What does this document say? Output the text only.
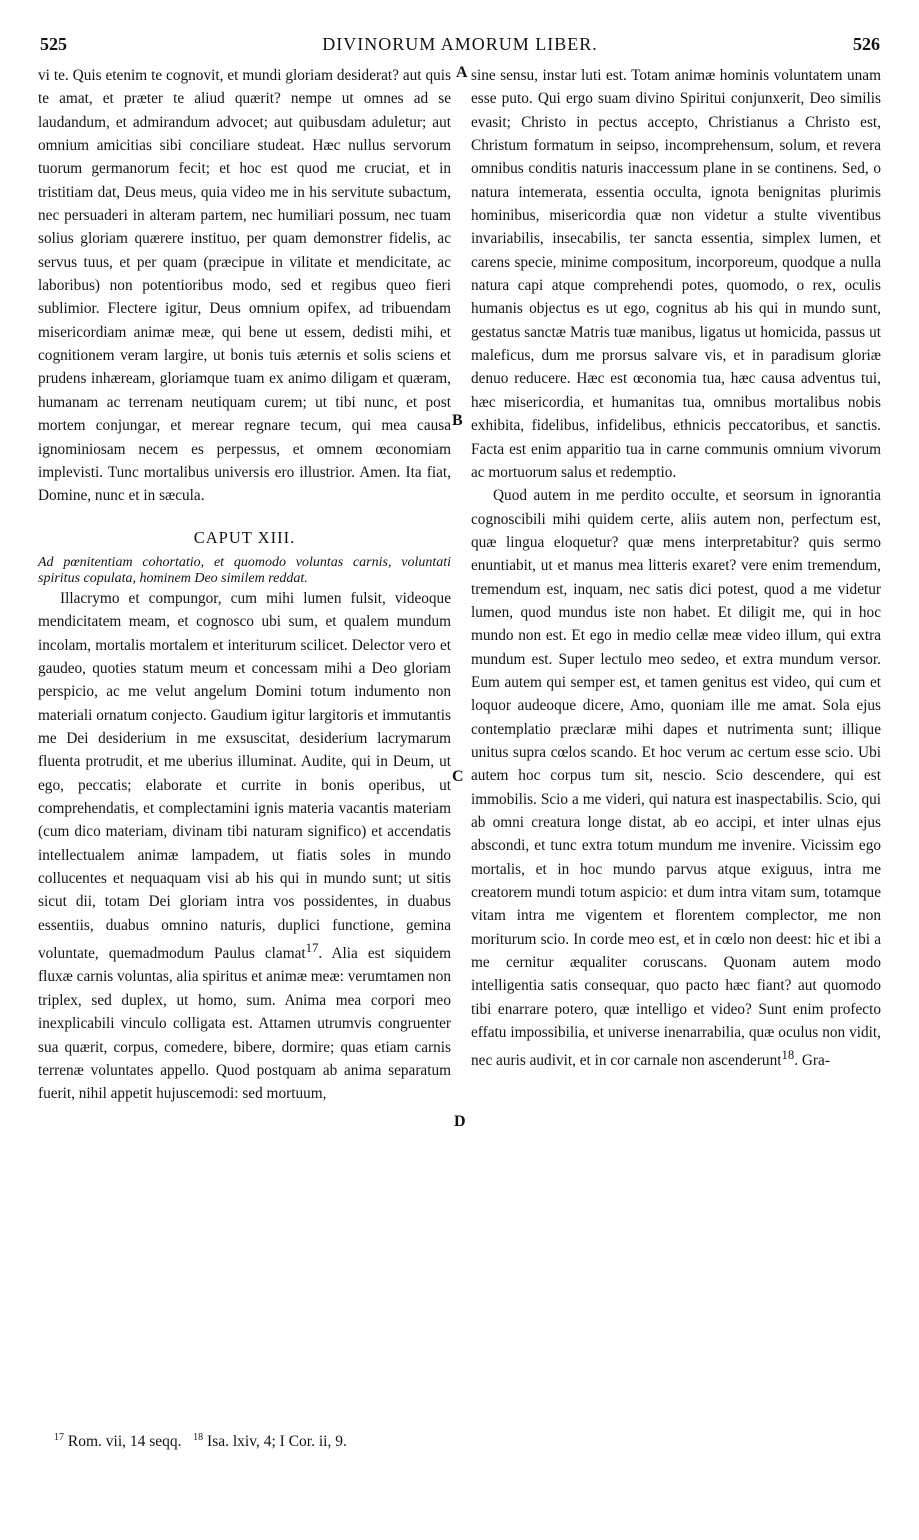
525	DIVINORUM AMORUM LIBER.	526
A
B
C
D

vi te. Quis etenim te cognovit, et mundi gloriam desiderat? aut quis te amat, et præter te aliud quærit? nempe ut omnes ad se laudandum, et admirandum advocet; aut quibusdam aduletur; aut omnium amicitias sibi conciliare studeat. Hæc nullus servorum tuorum germanorum fecit; et hoc est quod me cruciat, et in tristitiam dat, Deus meus, quia video me in his servitute subactum, nec persuaderi in alteram partem, nec humiliari possum, nec tuam solius gloriam quærere instituo, per quam demonstrer fidelis, ac servus tuus, et per quam (præcipue in vilitate et mendicitate, ac laboribus) non potentioribus modo, sed et regibus queo fieri sublimior. Flectere igitur, Deus omnium opifex, ad tribuendam misericordiam animæ meæ, qui bene ut essem, dedisti mihi, et cognitionem veram largire, ut bonis tuis æternis et solis sciens et prudens inhæream, gloriamque tuam ex animo diligam et quæram, humanam ac terrenam neutiquam curem; ut tibi nunc, et post mortem conjungar, et merear regnare tecum, qui mea causa ignominiosam necem es perpessus, et omnem œconomiam implevisti. Tunc mortalibus universis ero illustrior. Amen. Ita fiat, Domine, nunc et in sæcula.

CAPUT XIII.

Ad pœnitentiam cohortatio, et quomodo voluntas carnis, voluntati spiritus copulata, hominem Deo similem reddat.

Illacrymo et compungor, cum mihi lumen fulsit, videoque mendicitatem meam, et cognosco ubi sum, et qualem mundum incolam, mortalis mortalem et interiturum scilicet. Delector vero et gaudeo, quoties statum meum et concessam mihi a Deo gloriam perspicio, ac me velut angelum Domini totum indumento non materiali ornatum conjecto. Gaudium igitur largitoris et immutantis me Dei desiderium in me exsuscitat, desiderium lacrymarum fluenta protrudit, et me uberius illuminat. Audite, qui in Deum, ut ego, peccatis; elaborate et currite in bonis operibus, ut comprehendatis, et complectamini ignis materia vacantis materiam (cum dico materiam, divinam tibi naturam significo) et accendatis intellectualem animæ lampadem, ut fiatis soles in mundo collucentes et nequaquam visi ab his qui in mundo sunt; ut sitis sicut dii, totam Dei gloriam intra vos possidentes, in duabus essentiis, duabus omnino naturis, duplici functione, gemina voluntate, quemadmodum Paulus clamat$^{17}$. Alia est siquidem fluxæ carnis voluntas, alia spiritus et animæ meæ: verumtamen non triplex, sed duplex, ut homo, sum. Anima mea corpori meo inexplicabili vinculo colligata est. Attamen utrumvis congruenter sua quærit, corpus, comedere, bibere, dormire; quas etiam carnis terrenæ voluntates appello. Quod postquam ab anima separatum fuerit, nihil appetit hujuscemodi: sed mortuum,

sine sensu, instar luti est. Totam animæ hominis voluntatem unam esse puto. Qui ergo suam divino Spiritui conjunxerit, Deo similis evasit; Christo in pectus accepto, Christianus a Christo est, Christum formatum in seipso, incomprehensum, solum, et revera omnibus conditis naturis inaccessum plane in se continens. Sed, o natura intemerata, essentia occulta, ignota benignitas plurimis hominibus, misericordia quæ non videtur a stulte viventibus invariabilis, insecabilis, ter sancta essentia, simplex lumen, et carens specie, minime compositum, incorporeum, quodque a nulla natura capi atque comprehendi potes, quomodo, o rex, oculis humanis objectus es ut ego, cognitus ab his qui in mundo sunt, gestatus sanctæ Matris tuæ manibus, ligatus ut homicida, passus ut maleficus, dum me prorsus salvare vis, et in paradisum gloriæ denuo reducere. Hæc est œconomia tua, hæc causa adventus tui, hæc misericordia, et humanitas tua, omnibus mortalibus nobis exhibita, fidelibus, infidelibus, ethnicis peccatoribus, et sanctis. Facta est enim apparitio tua in carne communis omnium vivorum ac mortuorum salus et redemptio.

Quod autem in me perdito occulte, et seorsum in ignorantia cognoscibili mihi quidem certe, aliis autem non, perfectum est, quæ lingua eloquetur? quæ mens interpretabitur? quis sermo enuntiabit, ut et manus mea litteris exaret? vere enim tremendum, tremendum est, inquam, nec satis dici potest, quod a me videtur lumen, quod mundus iste non habet. Et diligit me, qui in hoc mundo non est. Et ego in medio cellæ meæ video illum, qui extra mundum est. Super lectulo meo sedeo, et extra mundum versor. Eum autem qui semper est, et tamen genitus est video, qui cum et loquor audeoque dicere, Amo, quoniam ille me amat. Sola ejus contemplatio præclaræ mihi dapes et nutrimenta sunt; illique unitus supra cœlos scando. Et hoc verum ac certum esse scio. Ubi autem hoc corpus tum sit, nescio. Scio descendere, qui est immobilis. Scio a me videri, qui natura est inaspectabilis. Scio, qui ab omni creatura longe distat, ab eo accipi, et inter ulnas ejus abscondi, et tunc extra totum mundum me invenire. Vicissim ego mortalis, et in hoc mundo parvus atque exiguus, intra me creatorem mundi totum aspicio: et dum intra vitam sum, totamque vitam intra me vigentem et florentem complector, me non moriturum scio. In corde meo est, et in cœlo non deest: hic et ibi a me cernitur æqualiter coruscans. Quonam autem modo intelligentia satis consequar, quo pacto hæc fiant? aut quomodo tibi enarrare potero, quæ intelligo et video? Sunt enim profecto effatu impossibilia, et universe inenarrabilia, quæ oculus non vidit, nec auris audivit, et in cor carnale non ascenderunt$^{18}$. Gra-

$^{17}$ Rom. vii, 14 seqq. $^{18}$ Isa. lxiv, 4; I Cor. ii, 9.
